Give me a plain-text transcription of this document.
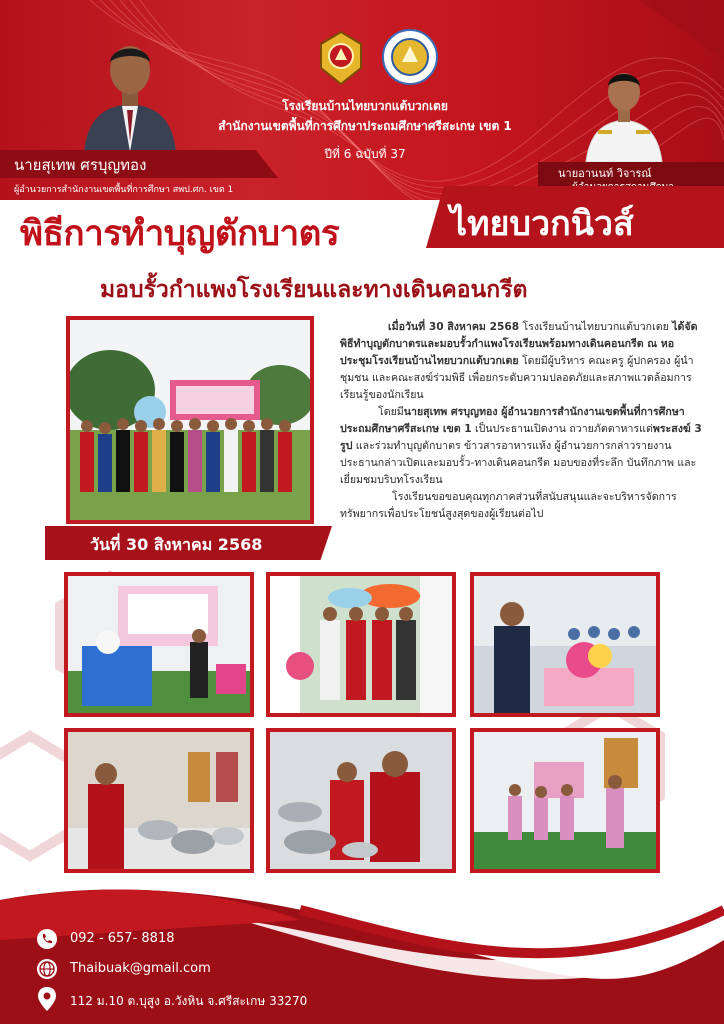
โรงเรียนบ้านไทยบวกแต้บวกเตย
สำนักงานเขตพื้นที่การศึกษาประถมศึกษาศรีสะเกษ เขต 1
ปีที่ 6 ฉบับที่ 37
นายสุเทพ ศรบุญทอง
ผู้อำนวยการสำนักงานเขตพื้นที่การศึกษา สพป.ศก. เขต 1
นายอานนท์ วิจารณ์
พิธีการทำบุญตักบาตร	ไทยบวกนิวส์
มอบรั้วกำแพงโรงเรียนและทางเดินคอนกรีต
วันที่ 30 สิงหาคม 2568

เมื่อวันที่ 30 สิงหาคม 2568 โรงเรียนบ้านไทยบวกแต้บวกเตย ได้จัดพิธีทำบุญตักบาตรและมอบรั้วกำแพงโรงเรียนพร้อมทางเดินคอนกรีต ณ หอประชุมโรงเรียนบ้านไทยบวกแต้บวกเตย โดยมีผู้บริหาร คณะครู ผู้ปกครอง ผู้นำชุมชน และคณะสงฆ์ร่วมพิธี เพื่อยกระดับความปลอดภัยและสภาพแวดล้อมการเรียนรู้ของนักเรียน

โดยมีนายสุเทพ ศรบุญทอง ผู้อำนวยการสำนักงานเขตพื้นที่การศึกษาประถมศึกษาศรีสะเกษ เขต 1 เป็นประธานเปิดงาน ถวายภัตตาหารแด่พระสงฆ์ 3 รูป และร่วมทำบุญตักบาตร ข้าวสารอาหารแห้ง ผู้อำนวยการกล่าวรายงานประธานกล่าวเปิดและมอบรั้ว-ทางเดินคอนกรีต มอบของที่ระลึก บันทึกภาพ และเยี่ยมชมบริบทโรงเรียน

โรงเรียนขอขอบคุณทุกภาคส่วนที่สนับสนุนและจะบริหารจัดการทรัพยากรเพื่อประโยชน์สูงสุดของผู้เรียนต่อไป

092 - 657- 8818
Thaibuak@gmail.com
112 ม.10 ต.บุสูง อ.วังหิน จ.ศรีสะเกษ 33270
